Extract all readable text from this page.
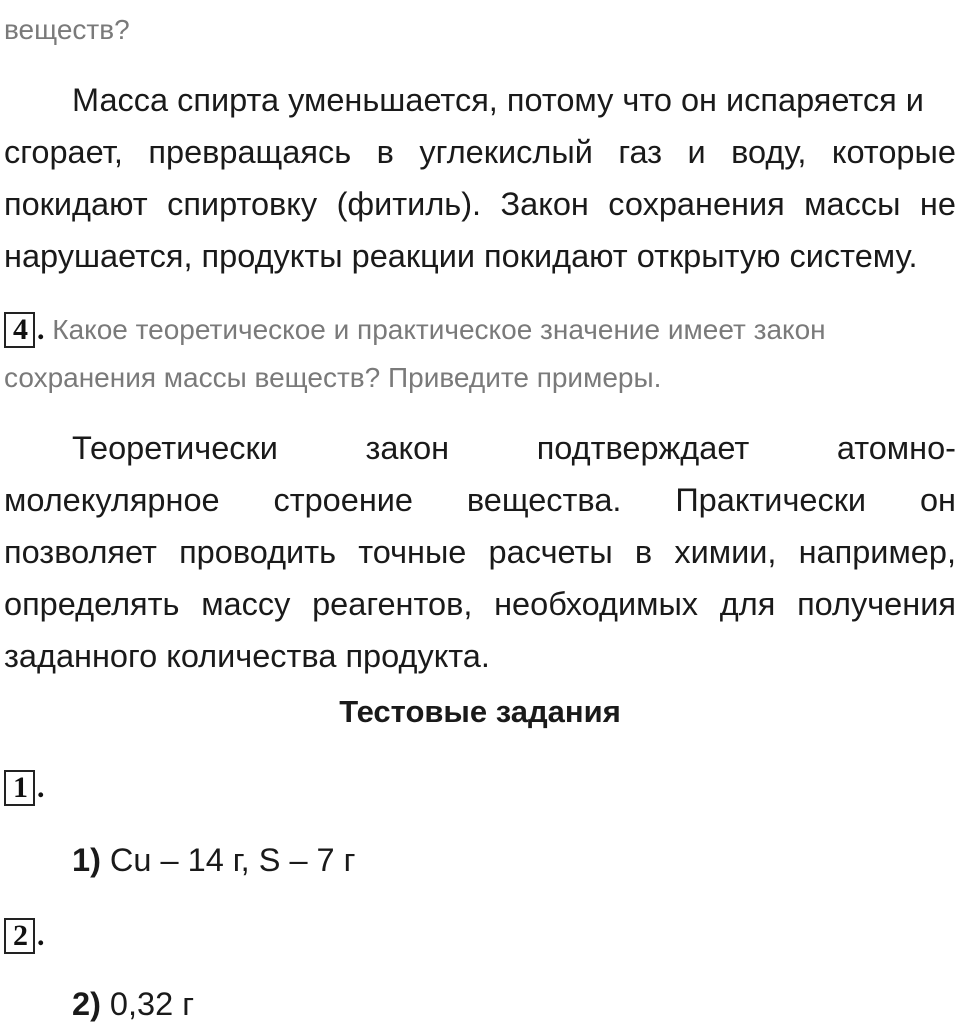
веществ?
Масса спирта уменьшается, потому что он испаряется и
сгорает, превращаясь в углекислый газ и воду, которые
покидают спиртовку (фитиль). Закон сохранения массы не
нарушается, продукты реакции покидают открытую систему.
4 . Какое теоретическое и практическое значение имеет закон
сохранения массы веществ? Приведите примеры.
Теоретически	закон	подтверждает	атомно-
молекулярное строение вещества. Практически он
позволяет проводить точные расчеты в химии, например,
определять массу реагентов, необходимых для получения
заданного количества продукта.
Тестовые задания
1 .
1) Cu – 14 г, S – 7 г
2 .
2) 0,32 г
